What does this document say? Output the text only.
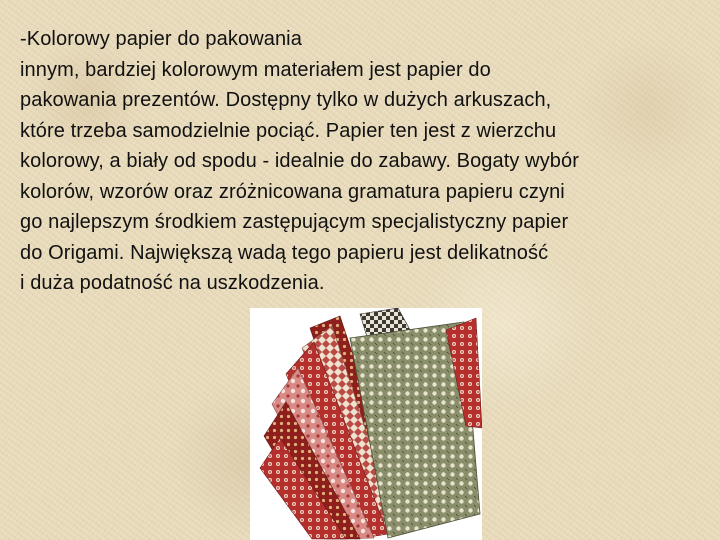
-Kolorowy papier do pakowania
innym, bardziej kolorowym materiałem jest papier do
pakowania prezentów. Dostępny tylko w dużych arkuszach,
które trzeba samodzielnie pociąć. Papier ten jest z wierzchu
kolorowy, a biały od spodu - idealnie do zabawy. Bogaty wybór
kolorów, wzorów oraz zróżnicowana gramatura papieru czyni
go najlepszym środkiem zastępującym specjalistyczny papier
do Origami. Największą wadą tego papieru jest delikatność
i duża podatność na uszkodzenia.
